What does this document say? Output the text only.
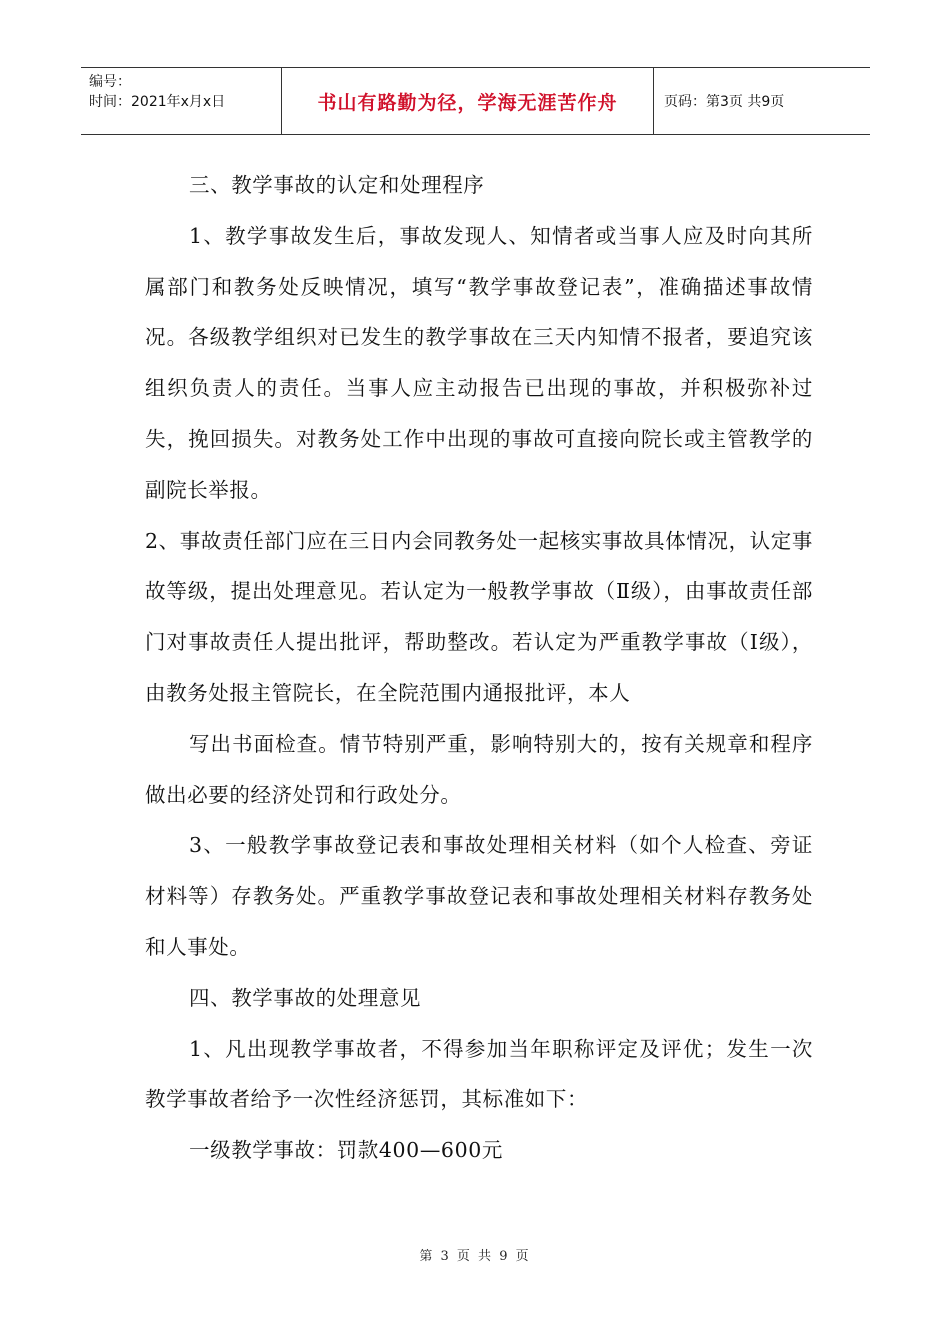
编号：
时间：2021年x月x日	书山有路勤为径，学海无涯苦作舟	页码：第3页 共9页

三、教学事故的认定和处理程序

1、教学事故发生后，事故发现人、知情者或当事人应及时向其所属部门和教务处反映情况，填写“教学事故登记表”，准确描述事故情况。各级教学组织对已发生的教学事故在三天内知情不报者，要追究该组织负责人的责任。当事人应主动报告已出现的事故，并积极弥补过失，挽回损失。对教务处工作中出现的事故可直接向院长或主管教学的副院长举报。

2、事故责任部门应在三日内会同教务处一起核实事故具体情况，认定事故等级，提出处理意见。若认定为一般教学事故（Ⅱ级），由事故责任部门对事故责任人提出批评，帮助整改。若认定为严重教学事故（Ⅰ级），由教务处报主管院长，在全院范围内通报批评，本人

写出书面检查。情节特别严重，影响特别大的，按有关规章和程序做出必要的经济处罚和行政处分。

3、一般教学事故登记表和事故处理相关材料（如个人检查、旁证材料等）存教务处。严重教学事故登记表和事故处理相关材料存教务处和人事处。

四、教学事故的处理意见

1、凡出现教学事故者，不得参加当年职称评定及评优；发生一次教学事故者给予一次性经济惩罚，其标准如下：

一级教学事故：罚款400—600元

第 3 页 共 9 页
